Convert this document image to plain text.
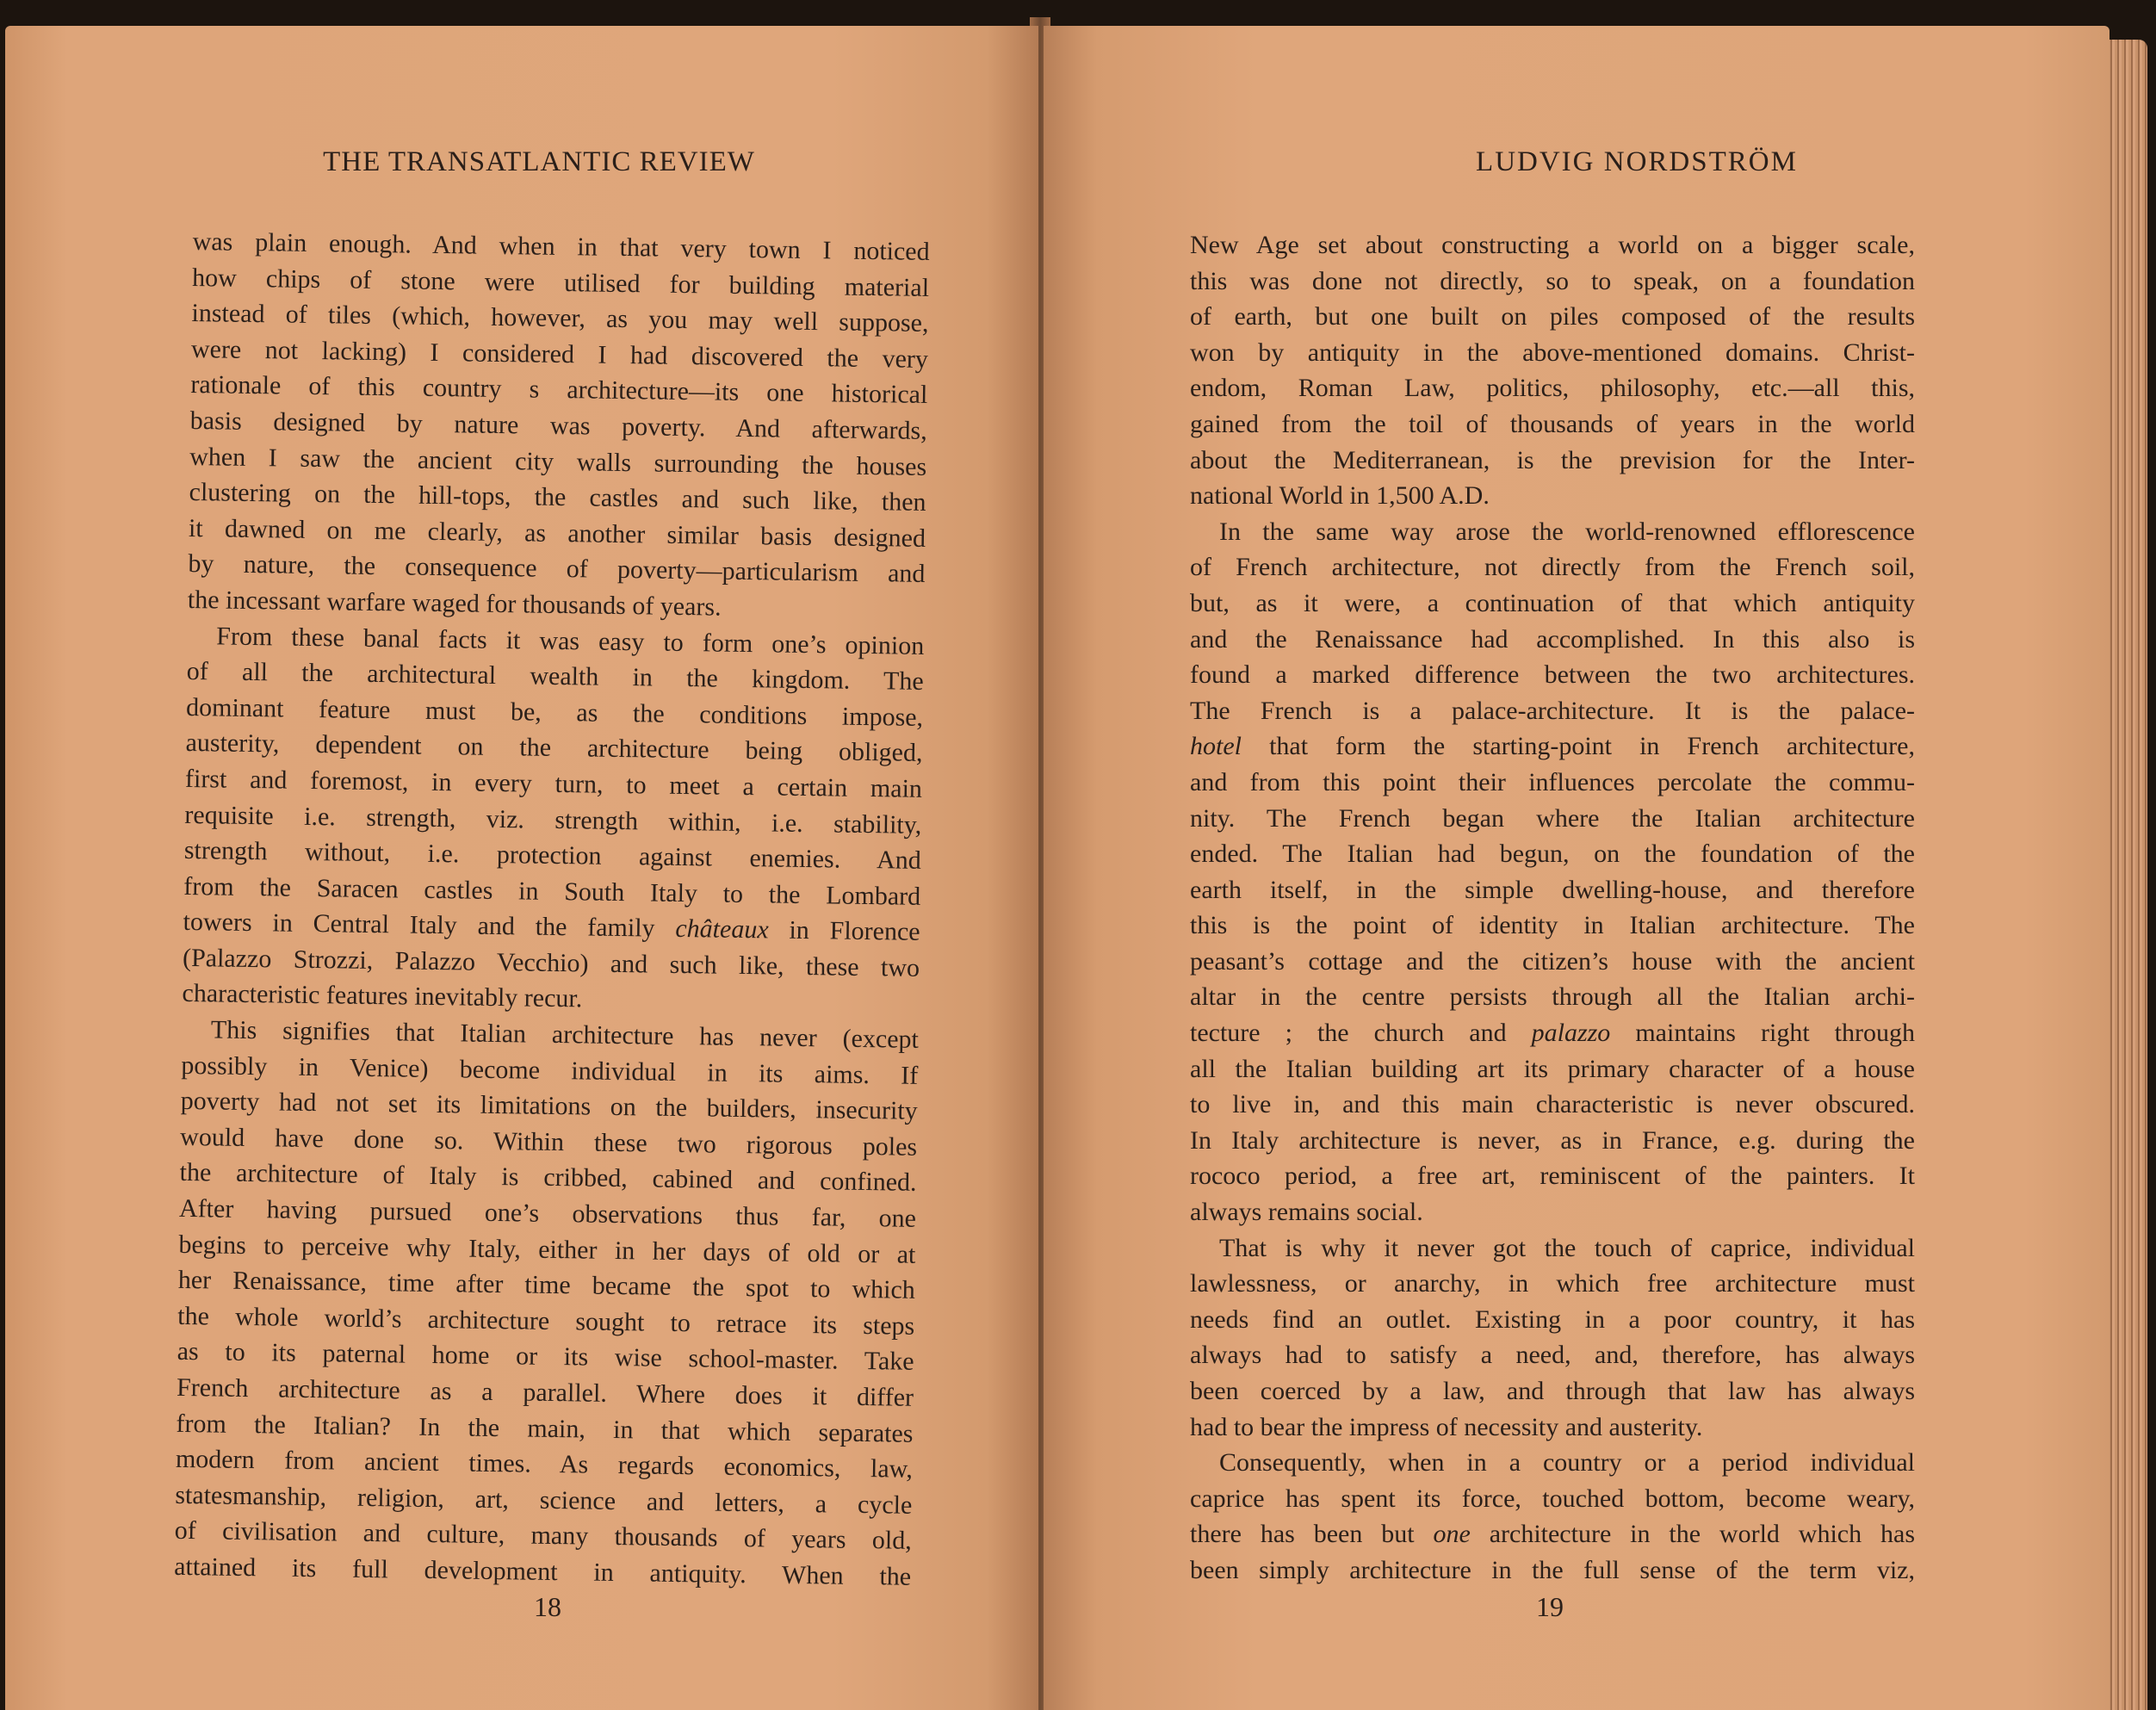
THE TRANSATLANTIC REVIEW
was plain enough. And when in that very town I noticed
how chips of stone were utilised for building material
instead of tiles (which, however, as you may well suppose,
were not lacking) I considered I had discovered the very
rationale of this country s architecture—its one historical
basis designed by nature was poverty. And afterwards,
when I saw the ancient city walls surrounding the houses
clustering on the hill-tops, the castles and such like, then
it dawned on me clearly, as another similar basis designed
by nature, the consequence of poverty—particularism and
the incessant warfare waged for thousands of years.
From these banal facts it was easy to form one’s opinion
of all the architectural wealth in the kingdom. The
dominant feature must be, as the conditions impose,
austerity, dependent on the architecture being obliged,
first and foremost, in every turn, to meet a certain main
requisite i.e. strength, viz. strength within, i.e. stability,
strength without, i.e. protection against enemies. And
from the Saracen castles in South Italy to the Lombard
towers in Central Italy and the family châteaux in Florence
(Palazzo Strozzi, Palazzo Vecchio) and such like, these two
characteristic features inevitably recur.
This signifies that Italian architecture has never (except
possibly in Venice) become individual in its aims. If
poverty had not set its limitations on the builders, insecurity
would have done so. Within these two rigorous poles
the architecture of Italy is cribbed, cabined and confined.
After having pursued one’s observations thus far, one
begins to perceive why Italy, either in her days of old or at
her Renaissance, time after time became the spot to which
the whole world’s architecture sought to retrace its steps
as to its paternal home or its wise school-master. Take
French architecture as a parallel. Where does it differ
from the Italian? In the main, in that which separates
modern from ancient times. As regards economics, law,
statesmanship, religion, art, science and letters, a cycle
of civilisation and culture, many thousands of years old,
attained its full development in antiquity. When the
18
LUDVIG NORDSTRÖM
New Age set about constructing a world on a bigger scale,
this was done not directly, so to speak, on a foundation
of earth, but one built on piles composed of the results
won by antiquity in the above-mentioned domains. Christ-
endom, Roman Law, politics, philosophy, etc.—all this,
gained from the toil of thousands of years in the world
about the Mediterranean, is the prevision for the Inter-
national World in 1,500 A.D.
In the same way arose the world-renowned efflorescence
of French architecture, not directly from the French soil,
but, as it were, a continuation of that which antiquity
and the Renaissance had accomplished. In this also is
found a marked difference between the two architectures.
The French is a palace-architecture. It is the palace-
hotel that form the starting-point in French architecture,
and from this point their influences percolate the commu-
nity. The French began where the Italian architecture
ended. The Italian had begun, on the foundation of the
earth itself, in the simple dwelling-house, and therefore
this is the point of identity in Italian architecture. The
peasant’s cottage and the citizen’s house with the ancient
altar in the centre persists through all the Italian archi-
tecture ; the church and palazzo maintains right through
all the Italian building art its primary character of a house
to live in, and this main characteristic is never obscured.
In Italy architecture is never, as in France, e.g. during the
rococo period, a free art, reminiscent of the painters. It
always remains social.
That is why it never got the touch of caprice, individual
lawlessness, or anarchy, in which free architecture must
needs find an outlet. Existing in a poor country, it has
always had to satisfy a need, and, therefore, has always
been coerced by a law, and through that law has always
had to bear the impress of necessity and austerity.
Consequently, when in a country or a period individual
caprice has spent its force, touched bottom, become weary,
there has been but one architecture in the world which has
been simply architecture in the full sense of the term viz,
19
